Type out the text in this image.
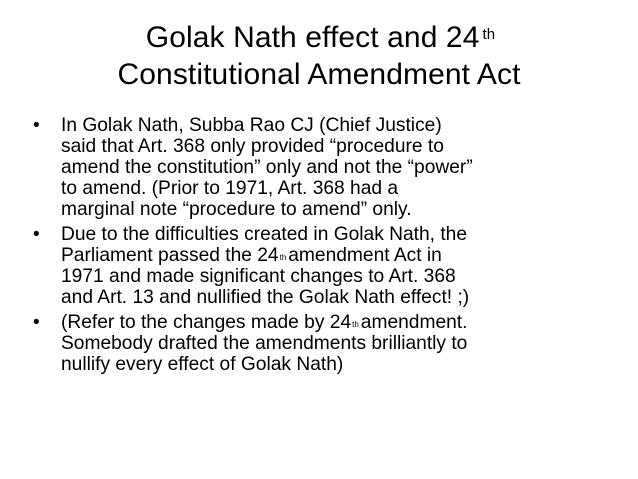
Golak Nath effect and 24 $^{th}$
Constitutional Amendment Act
• In Golak Nath, Subba Rao CJ (Chief Justice)
said that Art. 368 only provided “procedure to
amend the constitution” only and not the “power”
to amend. (Prior to 1971, Art. 368 had a
marginal note “procedure to amend” only.
• Due to the difficulties created in Golak Nath, the
Parliament passed the 24th amendment Act in
1971 and made significant changes to Art. 368
and Art. 13 and nullified the Golak Nath effect! ;)
• (Refer to the changes made by 24th amendment.
Somebody drafted the amendments brilliantly to
nullify every effect of Golak Nath)
